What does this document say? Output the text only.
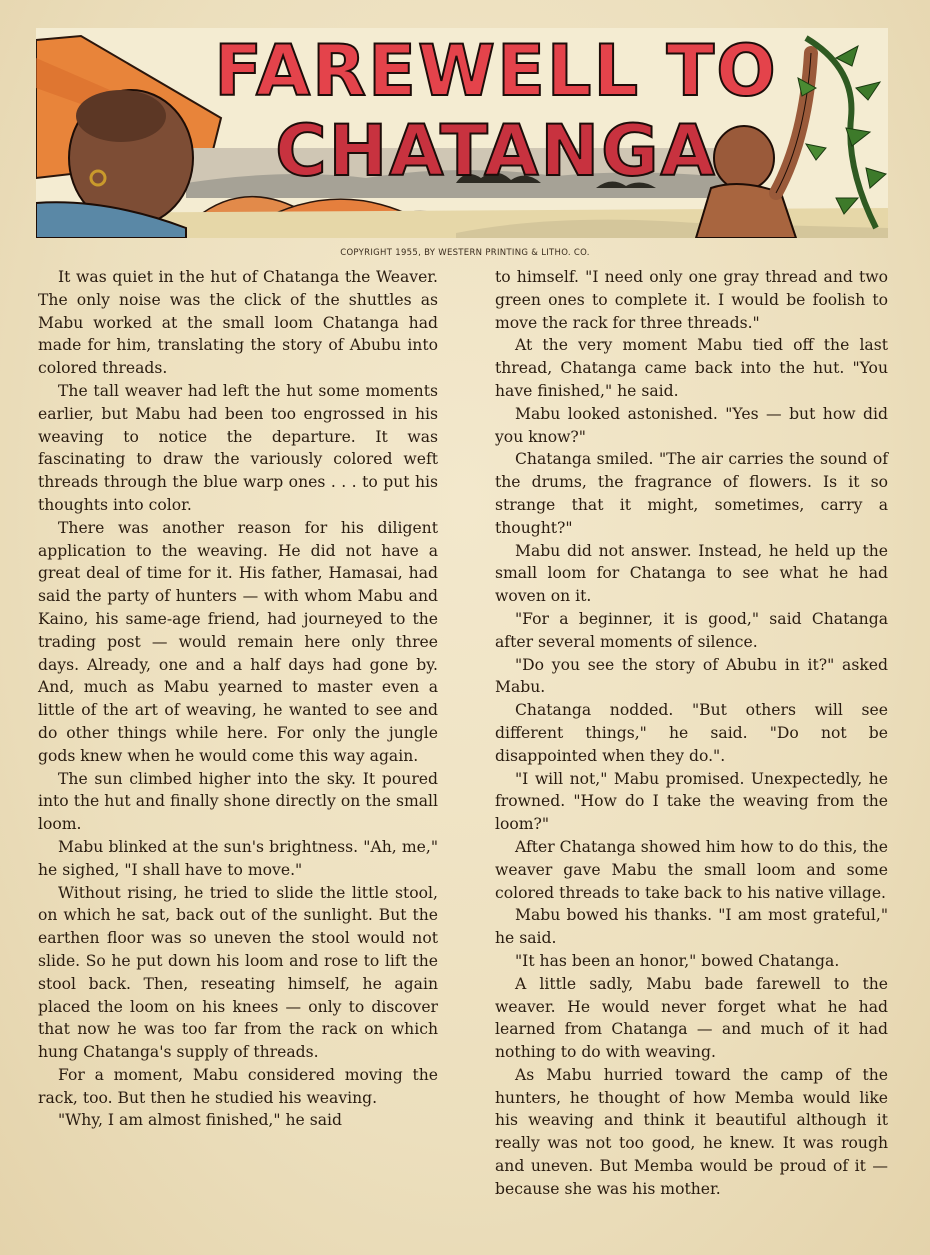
FAREWELL TO
CHATANGA
COPYRIGHT 1955, BY WESTERN PRINTING & LITHO. CO.

It was quiet in the hut of Chatanga the Weaver. The only noise was the click of the shuttles as Mabu worked at the small loom Chatanga had made for him, translating the story of Abubu into colored threads.

The tall weaver had left the hut some moments earlier, but Mabu had been too engrossed in his weaving to notice the departure. It was fascinating to draw the variously colored weft threads through the blue warp ones . . . to put his thoughts into color.

There was another reason for his diligent application to the weaving. He did not have a great deal of time for it. His father, Hamasai, had said the party of hunters — with whom Mabu and Kaino, his same-age friend, had journeyed to the trading post — would remain here only three days. Already, one and a half days had gone by. And, much as Mabu yearned to master even a little of the art of weaving, he wanted to see and do other things while here. For only the jungle gods knew when he would come this way again.

The sun climbed higher into the sky. It poured into the hut and finally shone directly on the small loom.

Mabu blinked at the sun's brightness. "Ah, me," he sighed, "I shall have to move."

Without rising, he tried to slide the little stool, on which he sat, back out of the sunlight. But the earthen floor was so uneven the stool would not slide. So he put down his loom and rose to lift the stool back. Then, reseating himself, he again placed the loom on his knees — only to discover that now he was too far from the rack on which hung Chatanga's supply of threads.

For a moment, Mabu considered moving the rack, too. But then he studied his weaving.

"Why, I am almost finished," he said

to himself. "I need only one gray thread and two green ones to complete it. I would be foolish to move the rack for three threads."

At the very moment Mabu tied off the last thread, Chatanga came back into the hut. "You have finished," he said.

Mabu looked astonished. "Yes — but how did you know?"

Chatanga smiled. "The air carries the sound of the drums, the fragrance of flowers. Is it so strange that it might, sometimes, carry a thought?"

Mabu did not answer. Instead, he held up the small loom for Chatanga to see what he had woven on it.

"For a beginner, it is good," said Chatanga after several moments of silence.

"Do you see the story of Abubu in it?" asked Mabu.

Chatanga nodded. "But others will see different things," he said. "Do not be disappointed when they do.".

"I will not," Mabu promised. Unexpectedly, he frowned. "How do I take the weaving from the loom?"

After Chatanga showed him how to do this, the weaver gave Mabu the small loom and some colored threads to take back to his native village.

Mabu bowed his thanks. "I am most grateful," he said.

"It has been an honor," bowed Chatanga.

A little sadly, Mabu bade farewell to the weaver. He would never forget what he had learned from Chatanga — and much of it had nothing to do with weaving.

As Mabu hurried toward the camp of the hunters, he thought of how Memba would like his weaving and think it beautiful although it really was not too good, he knew. It was rough and uneven. But Memba would be proud of it — because she was his mother.
